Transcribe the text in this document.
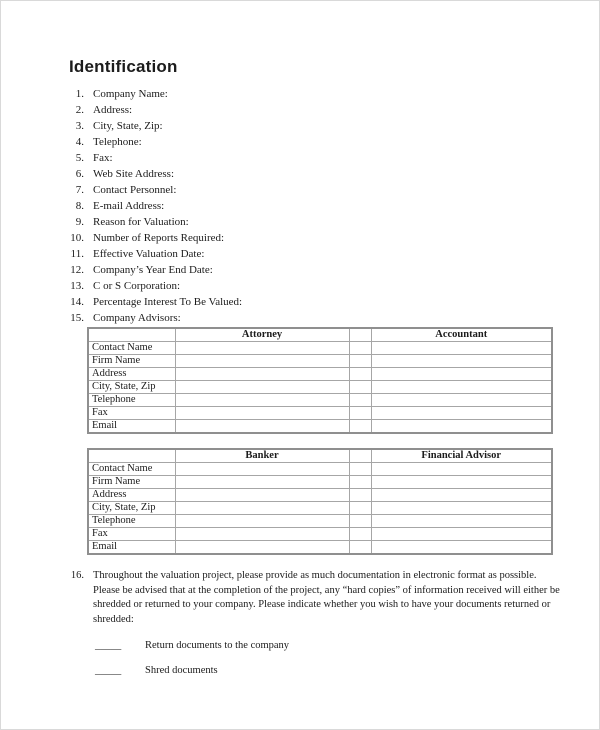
Identification
1. Company Name:
2. Address:
3. City, State, Zip:
4. Telephone:
5. Fax:
6. Web Site Address:
7. Contact Personnel:
8. E-mail Address:
9. Reason for Valuation:
10. Number of Reports Required:
11. Effective Valuation Date:
12. Company’s Year End Date:
13. C or S Corporation:
14. Percentage Interest To Be Valued:
15. Company Advisors:
	Attorney		Accountant
Contact Name			
Firm Name			
Address			
City, State, Zip			
Telephone			
Fax			
Email			
	Banker		Financial Advisor
Contact Name			
Firm Name			
Address			
City, State, Zip			
Telephone			
Fax			
Email			
16. Throughout the valuation project, please provide as much documentation in electronic format as possible. Please be advised that at the completion of the project, any “hard copies” of information received will either be shredded or returned to your company. Please indicate whether you wish to have your documents returned or shredded:
_____	Return documents to the company
_____	Shred documents
